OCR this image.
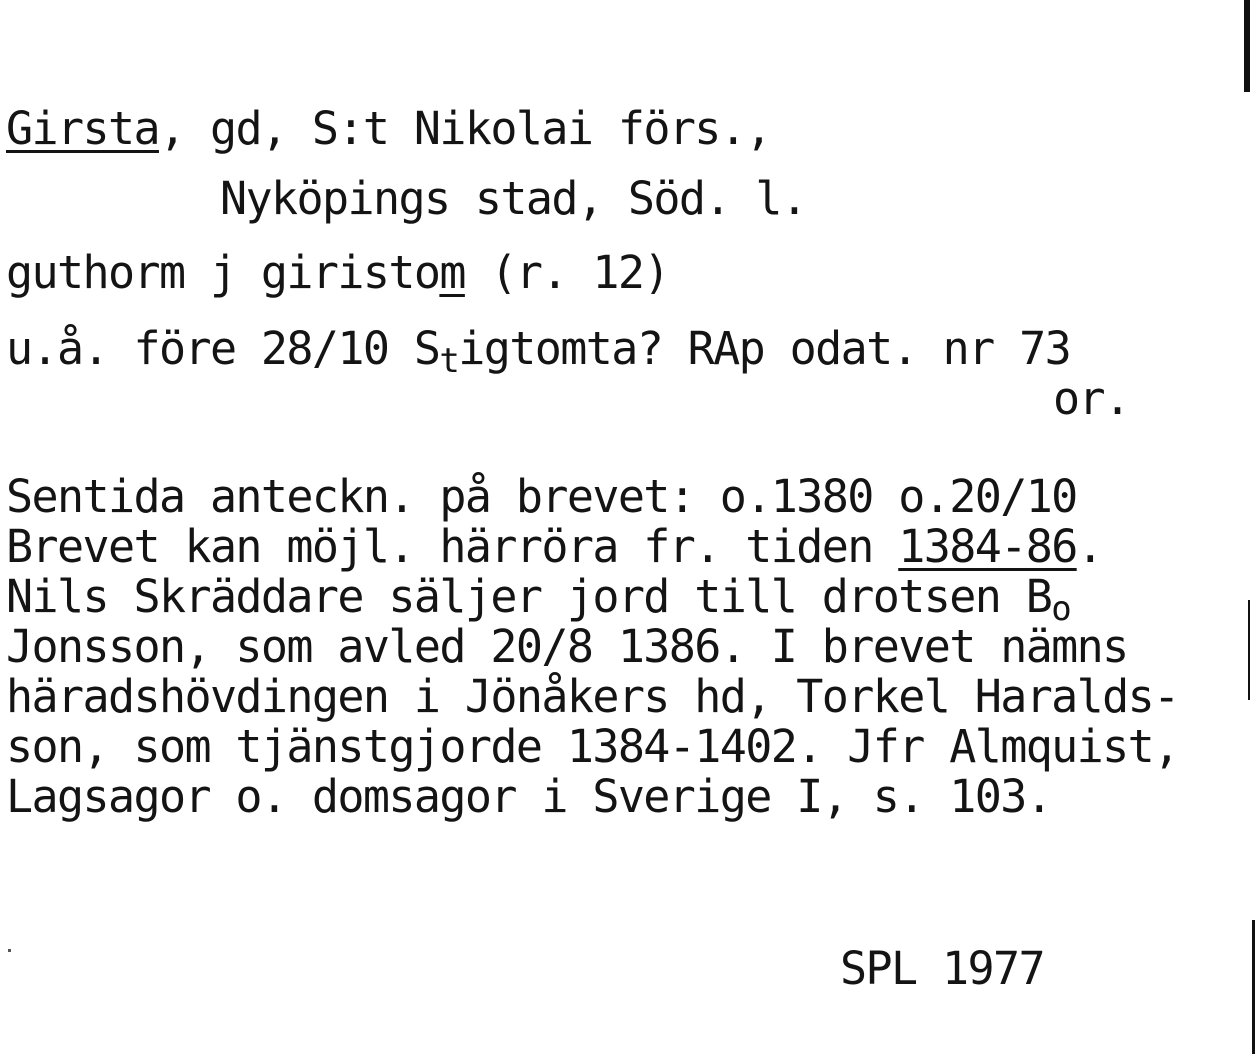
Girsta, gd, S:t Nikolai förs.,
Nyköpings stad, Söd. l.
guthorm j giristom (r. 12)
u.å. före 28/10 Stigtomta? RAp odat. nr 73
or.
Sentida anteckn. på brevet: o.1380 o.20/10
Brevet kan möjl. härröra fr. tiden 1384-86.
Nils Skräddare säljer jord till drotsen Bo
Jonsson, som avled 20/8 1386. I brevet nämns
häradshövdingen i Jönåkers hd, Torkel Haralds-
son, som tjänstgjorde 1384-1402. Jfr Almquist,
Lagsagor o. domsagor i Sverige I, s. 103.
SPL 1977
